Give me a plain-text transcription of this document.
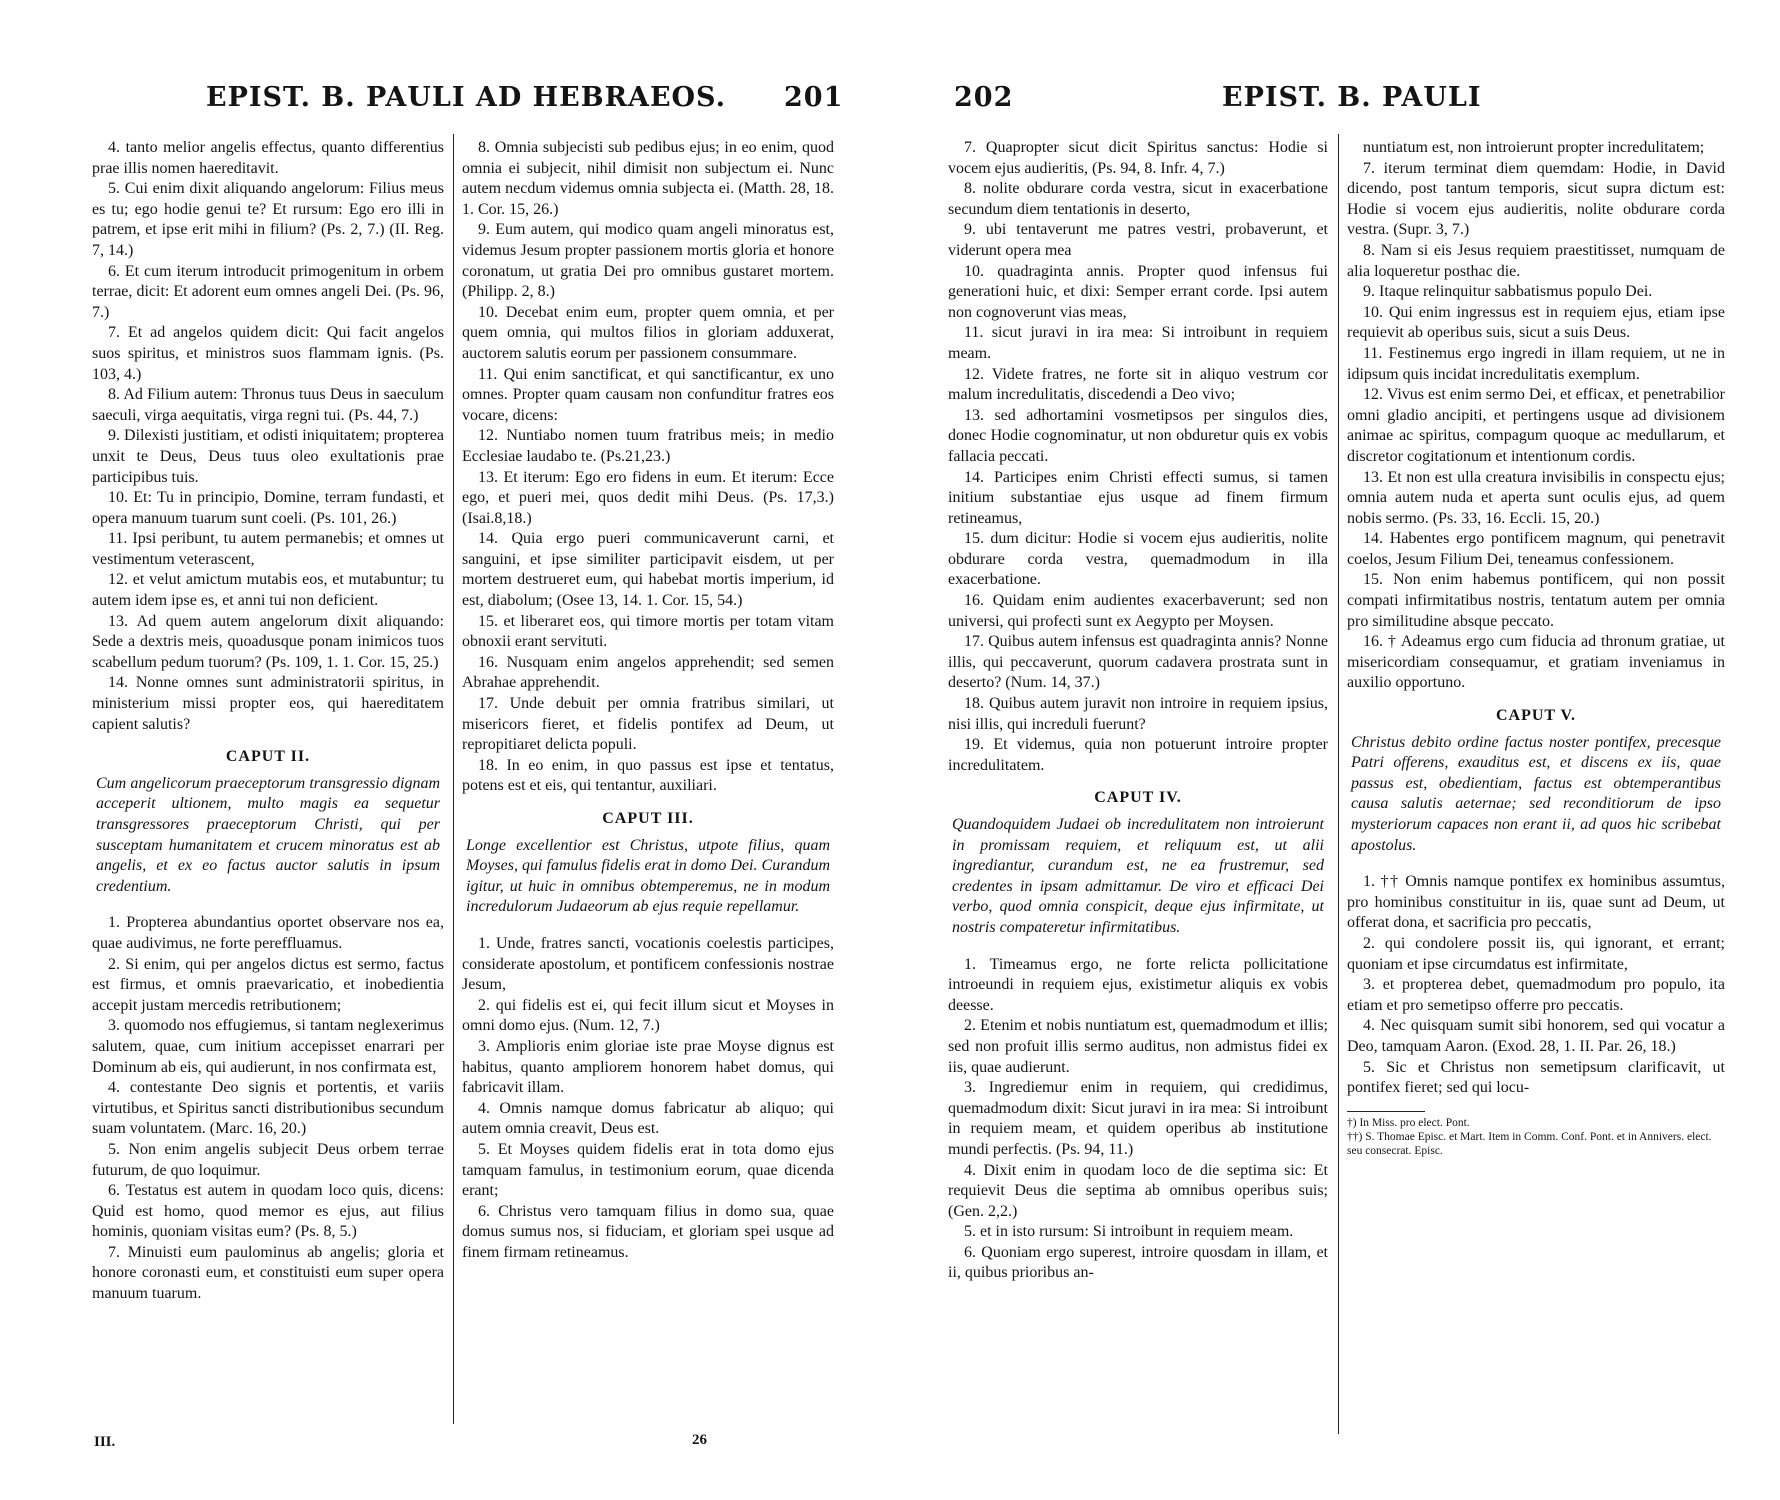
EPIST. B. PAULI AD HEBRAEOS. 201
4. tanto melior angelis effectus, quanto differentius prae illis nomen haereditavit.
5. Cui enim dixit aliquando angelorum: Filius meus es tu; ego hodie genui te? Et rursum: Ego ero illi in patrem, et ipse erit mihi in filium? (Ps. 2, 7.) (II. Reg. 7, 14.)
6. Et cum iterum introducit primogenitum in orbem terrae, dicit: Et adorent eum omnes angeli Dei. (Ps. 96, 7.)
7. Et ad angelos quidem dicit: Qui facit angelos suos spiritus, et ministros suos flammam ignis. (Ps. 103, 4.)
8. Ad Filium autem: Thronus tuus Deus in saeculum saeculi, virga aequitatis, virga regni tui. (Ps. 44, 7.)
9. Dilexisti justitiam, et odisti iniquitatem; propterea unxit te Deus, Deus tuus oleo exultationis prae participibus tuis.
10. Et: Tu in principio, Domine, terram fundasti, et opera manuum tuarum sunt coeli. (Ps. 101, 26.)
11. Ipsi peribunt, tu autem permanebis; et omnes ut vestimentum veterascent,
12. et velut amictum mutabis eos, et mutabuntur; tu autem idem ipse es, et anni tui non deficient.
13. Ad quem autem angelorum dixit aliquando: Sede a dextris meis, quoadusque ponam inimicos tuos scabellum pedum tuorum? (Ps. 109, 1. 1. Cor. 15, 25.)
14. Nonne omnes sunt administratorii spiritus, in ministerium missi propter eos, qui haereditatem capient salutis?
CAPUT II.
Cum angelicorum praeceptorum transgressio dignam acceperit ultionem, multo magis ea sequetur transgressores praeceptorum Christi, qui per susceptam humanitatem et crucem minoratus est ab angelis, et ex eo factus auctor salutis in ipsum credentium.
1. Propterea abundantius oportet observare nos ea, quae audivimus, ne forte pereffluamus.
2. Si enim, qui per angelos dictus est sermo, factus est firmus, et omnis praevaricatio, et inobedientia accepit justam mercedis retributionem;
3. quomodo nos effugiemus, si tantam neglexerimus salutem, quae, cum initium accepisset enarrari per Dominum ab eis, qui audierunt, in nos confirmata est,
4. contestante Deo signis et portentis, et variis virtutibus, et Spiritus sancti distributionibus secundum suam voluntatem. (Marc. 16, 20.)
5. Non enim angelis subjecit Deus orbem terrae futurum, de quo loquimur.
6. Testatus est autem in quodam loco quis, dicens: Quid est homo, quod memor es ejus, aut filius hominis, quoniam visitas eum? (Ps. 8, 5.)
7. Minuisti eum paulominus ab angelis; gloria et honore coronasti eum, et constituisti eum super opera manuum tuarum.
8. Omnia subjecisti sub pedibus ejus; in eo enim, quod omnia ei subjecit, nihil dimisit non subjectum ei. Nunc autem necdum videmus omnia subjecta ei. (Matth. 28, 18. 1. Cor. 15, 26.)
9. Eum autem, qui modico quam angeli minoratus est, videmus Jesum propter passionem mortis gloria et honore coronatum, ut gratia Dei pro omnibus gustaret mortem. (Philipp. 2, 8.)
10. Decebat enim eum, propter quem omnia, et per quem omnia, qui multos filios in gloriam adduxerat, auctorem salutis eorum per passionem consummare.
11. Qui enim sanctificat, et qui sanctificantur, ex uno omnes. Propter quam causam non confunditur fratres eos vocare, dicens:
12. Nuntiabo nomen tuum fratribus meis; in medio Ecclesiae laudabo te. (Ps.21,23.)
13. Et iterum: Ego ero fidens in eum. Et iterum: Ecce ego, et pueri mei, quos dedit mihi Deus. (Ps. 17,3.) (Isai.8,18.)
14. Quia ergo pueri communicaverunt carni, et sanguini, et ipse similiter participavit eisdem, ut per mortem destrueret eum, qui habebat mortis imperium, id est, diabolum; (Osee 13, 14. 1. Cor. 15, 54.)
15. et liberaret eos, qui timore mortis per totam vitam obnoxii erant servituti.
16. Nusquam enim angelos apprehendit; sed semen Abrahae apprehendit.
17. Unde debuit per omnia fratribus similari, ut misericors fieret, et fidelis pontifex ad Deum, ut repropitiaret delicta populi.
18. In eo enim, in quo passus est ipse et tentatus, potens est et eis, qui tentantur, auxiliari.
CAPUT III.
Longe excellentior est Christus, utpote filius, quam Moyses, qui famulus fidelis erat in domo Dei. Curandum igitur, ut huic in omnibus obtemperemus, ne in modum incredulorum Judaeorum ab ejus requie repellamur.
1. Unde, fratres sancti, vocationis coelestis participes, considerate apostolum, et pontificem confessionis nostrae Jesum,
2. qui fidelis est ei, qui fecit illum sicut et Moyses in omni domo ejus. (Num. 12, 7.)
3. Amplioris enim gloriae iste prae Moyse dignus est habitus, quanto ampliorem honorem habet domus, qui fabricavit illam.
4. Omnis namque domus fabricatur ab aliquo; qui autem omnia creavit, Deus est.
5. Et Moyses quidem fidelis erat in tota domo ejus tamquam famulus, in testimonium eorum, quae dicenda erant;
6. Christus vero tamquam filius in domo sua, quae domus sumus nos, si fiduciam, et gloriam spei usque ad finem firmam retineamus.
III.	26
202	EPIST. B. PAULI
7. Quapropter sicut dicit Spiritus sanctus: Hodie si vocem ejus audieritis, (Ps. 94, 8. Infr. 4, 7.)
8. nolite obdurare corda vestra, sicut in exacerbatione secundum diem tentationis in deserto,
9. ubi tentaverunt me patres vestri, probaverunt, et viderunt opera mea
10. quadraginta annis. Propter quod infensus fui generationi huic, et dixi: Semper errant corde. Ipsi autem non cognoverunt vias meas,
11. sicut juravi in ira mea: Si introibunt in requiem meam.
12. Videte fratres, ne forte sit in aliquo vestrum cor malum incredulitatis, discedendi a Deo vivo;
13. sed adhortamini vosmetipsos per singulos dies, donec Hodie cognominatur, ut non obduretur quis ex vobis fallacia peccati.
14. Participes enim Christi effecti sumus, si tamen initium substantiae ejus usque ad finem firmum retineamus,
15. dum dicitur: Hodie si vocem ejus audieritis, nolite obdurare corda vestra, quemadmodum in illa exacerbatione.
16. Quidam enim audientes exacerbaverunt; sed non universi, qui profecti sunt ex Aegypto per Moysen.
17. Quibus autem infensus est quadraginta annis? Nonne illis, qui peccaverunt, quorum cadavera prostrata sunt in deserto? (Num. 14, 37.)
18. Quibus autem juravit non introire in requiem ipsius, nisi illis, qui increduli fuerunt?
19. Et videmus, quia non potuerunt introire propter incredulitatem.
CAPUT IV.
Quandoquidem Judaei ob incredulitatem non introierunt in promissam requiem, et reliquum est, ut alii ingrediantur, curandum est, ne ea frustremur, sed credentes in ipsam admittamur. De viro et efficaci Dei verbo, quod omnia conspicit, deque ejus infirmitate, ut nostris compateretur infirmitatibus.
1. Timeamus ergo, ne forte relicta pollicitatione introeundi in requiem ejus, existimetur aliquis ex vobis deesse.
2. Etenim et nobis nuntiatum est, quemadmodum et illis; sed non profuit illis sermo auditus, non admistus fidei ex iis, quae audierunt.
3. Ingrediemur enim in requiem, qui credidimus, quemadmodum dixit: Sicut juravi in ira mea: Si introibunt in requiem meam, et quidem operibus ab institutione mundi perfectis. (Ps. 94, 11.)
4. Dixit enim in quodam loco de die septima sic: Et requievit Deus die septima ab omnibus operibus suis; (Gen. 2,2.)
5. et in isto rursum: Si introibunt in requiem meam.
6. Quoniam ergo superest, introire quosdam in illam, et ii, quibus prioribus an-
nuntiatum est, non introierunt propter incredulitatem;
7. iterum terminat diem quemdam: Hodie, in David dicendo, post tantum temporis, sicut supra dictum est: Hodie si vocem ejus audieritis, nolite obdurare corda vestra. (Supr. 3, 7.)
8. Nam si eis Jesus requiem praestitisset, numquam de alia loqueretur posthac die.
9. Itaque relinquitur sabbatismus populo Dei.
10. Qui enim ingressus est in requiem ejus, etiam ipse requievit ab operibus suis, sicut a suis Deus.
11. Festinemus ergo ingredi in illam requiem, ut ne in idipsum quis incidat incredulitatis exemplum.
12. Vivus est enim sermo Dei, et efficax, et penetrabilior omni gladio ancipiti, et pertingens usque ad divisionem animae ac spiritus, compagum quoque ac medullarum, et discretor cogitationum et intentionum cordis.
13. Et non est ulla creatura invisibilis in conspectu ejus; omnia autem nuda et aperta sunt oculis ejus, ad quem nobis sermo. (Ps. 33, 16. Eccli. 15, 20.)
14. Habentes ergo pontificem magnum, qui penetravit coelos, Jesum Filium Dei, teneamus confessionem.
15. Non enim habemus pontificem, qui non possit compati infirmitatibus nostris, tentatum autem per omnia pro similitudine absque peccato.
16. † Adeamus ergo cum fiducia ad thronum gratiae, ut misericordiam consequamur, et gratiam inveniamus in auxilio opportuno.
CAPUT V.
Christus debito ordine factus noster pontifex, precesque Patri offerens, exauditus est, et discens ex iis, quae passus est, obedientiam, factus est obtemperantibus causa salutis aeternae; sed reconditiorum de ipso mysteriorum capaces non erant ii, ad quos hic scribebat apostolus.
1. †† Omnis namque pontifex ex hominibus assumtus, pro hominibus constituitur in iis, quae sunt ad Deum, ut offerat dona, et sacrificia pro peccatis,
2. qui condolere possit iis, qui ignorant, et errant; quoniam et ipse circumdatus est infirmitate,
3. et propterea debet, quemadmodum pro populo, ita etiam et pro semetipso offerre pro peccatis.
4. Nec quisquam sumit sibi honorem, sed qui vocatur a Deo, tamquam Aaron. (Exod. 28, 1. II. Par. 26, 18.)
5. Sic et Christus non semetipsum clarificavit, ut pontifex fieret; sed qui locu-
†) In Miss. pro elect. Pont.
††) S. Thomae Episc. et Mart. Item in Comm. Conf. Pont. et in Annivers. elect. seu consecrat. Episc.
